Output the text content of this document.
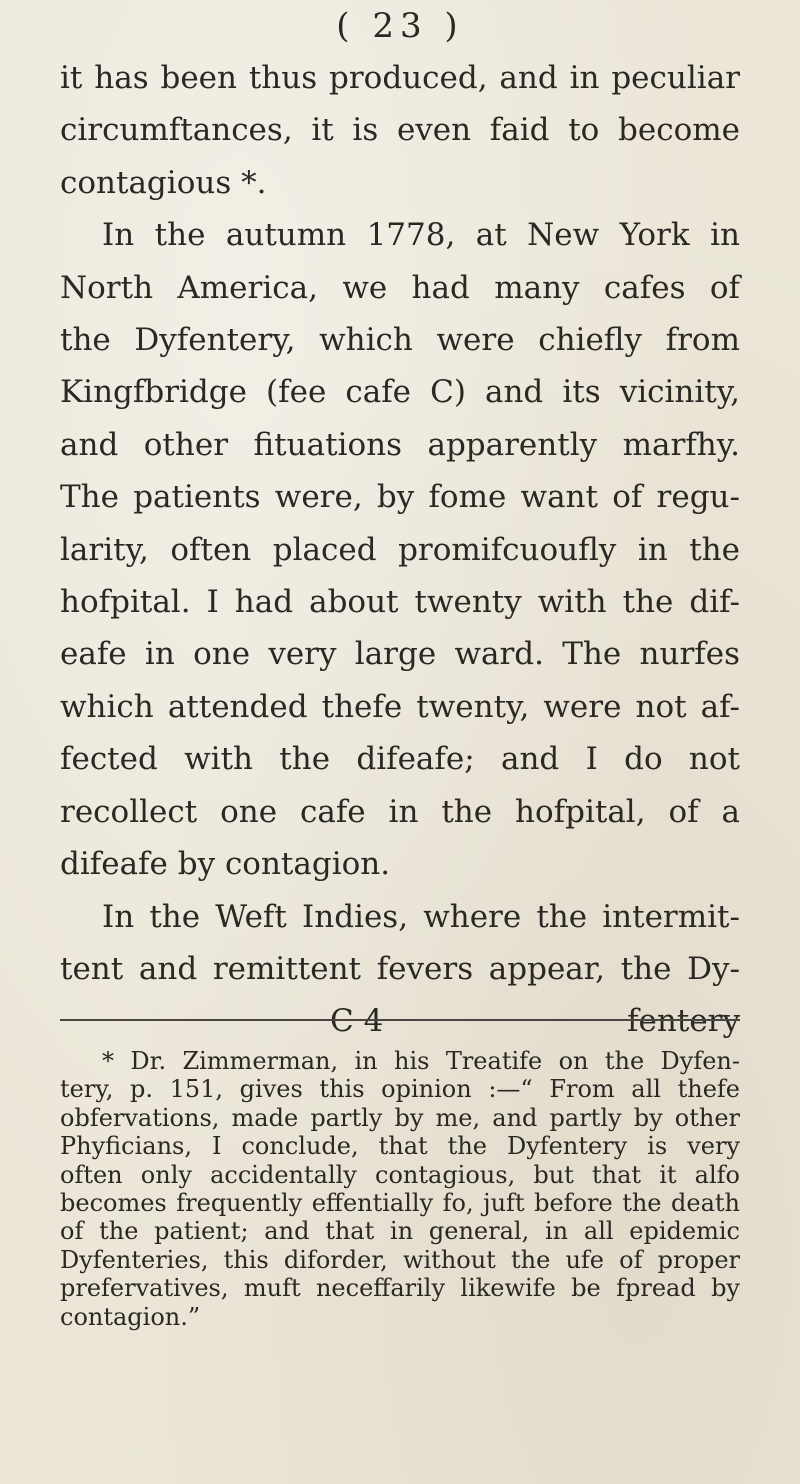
( 23 )
it has been thus produced, and in peculiar
circumftances, it is even faid to become
contagious *.
In the autumn 1778, at New York in
North America, we had many cafes of
the Dyfentery, which were chiefly from
Kingfbridge (fee cafe C) and its vicinity,
and other fituations apparently marfhy.
The patients were, by fome want of regu-
larity, often placed promifcuoufly in the
hofpital. I had about twenty with the dif-
eafe in one very large ward. The nurfes
which attended thefe twenty, were not af-
fected with the difeafe; and I do not
recollect one cafe in the hofpital, of a
difeafe by contagion.
In the Weft Indies, where the intermit-
tent and remittent fevers appear, the Dy-
C 4	fentery
* Dr. Zimmerman, in his Treatife on the Dyfen-
tery, p. 151, gives this opinion :—“ From all thefe
obfervations, made partly by me, and partly by other
Phyficians, I conclude, that the Dyfentery is very
often only accidentally contagious, but that it alfo
becomes frequently effentially fo, juft before the death
of the patient; and that in general, in all epidemic
Dyfenteries, this diforder, without the ufe of proper
prefervatives, muft neceffarily likewife be fpread by
contagion.”
